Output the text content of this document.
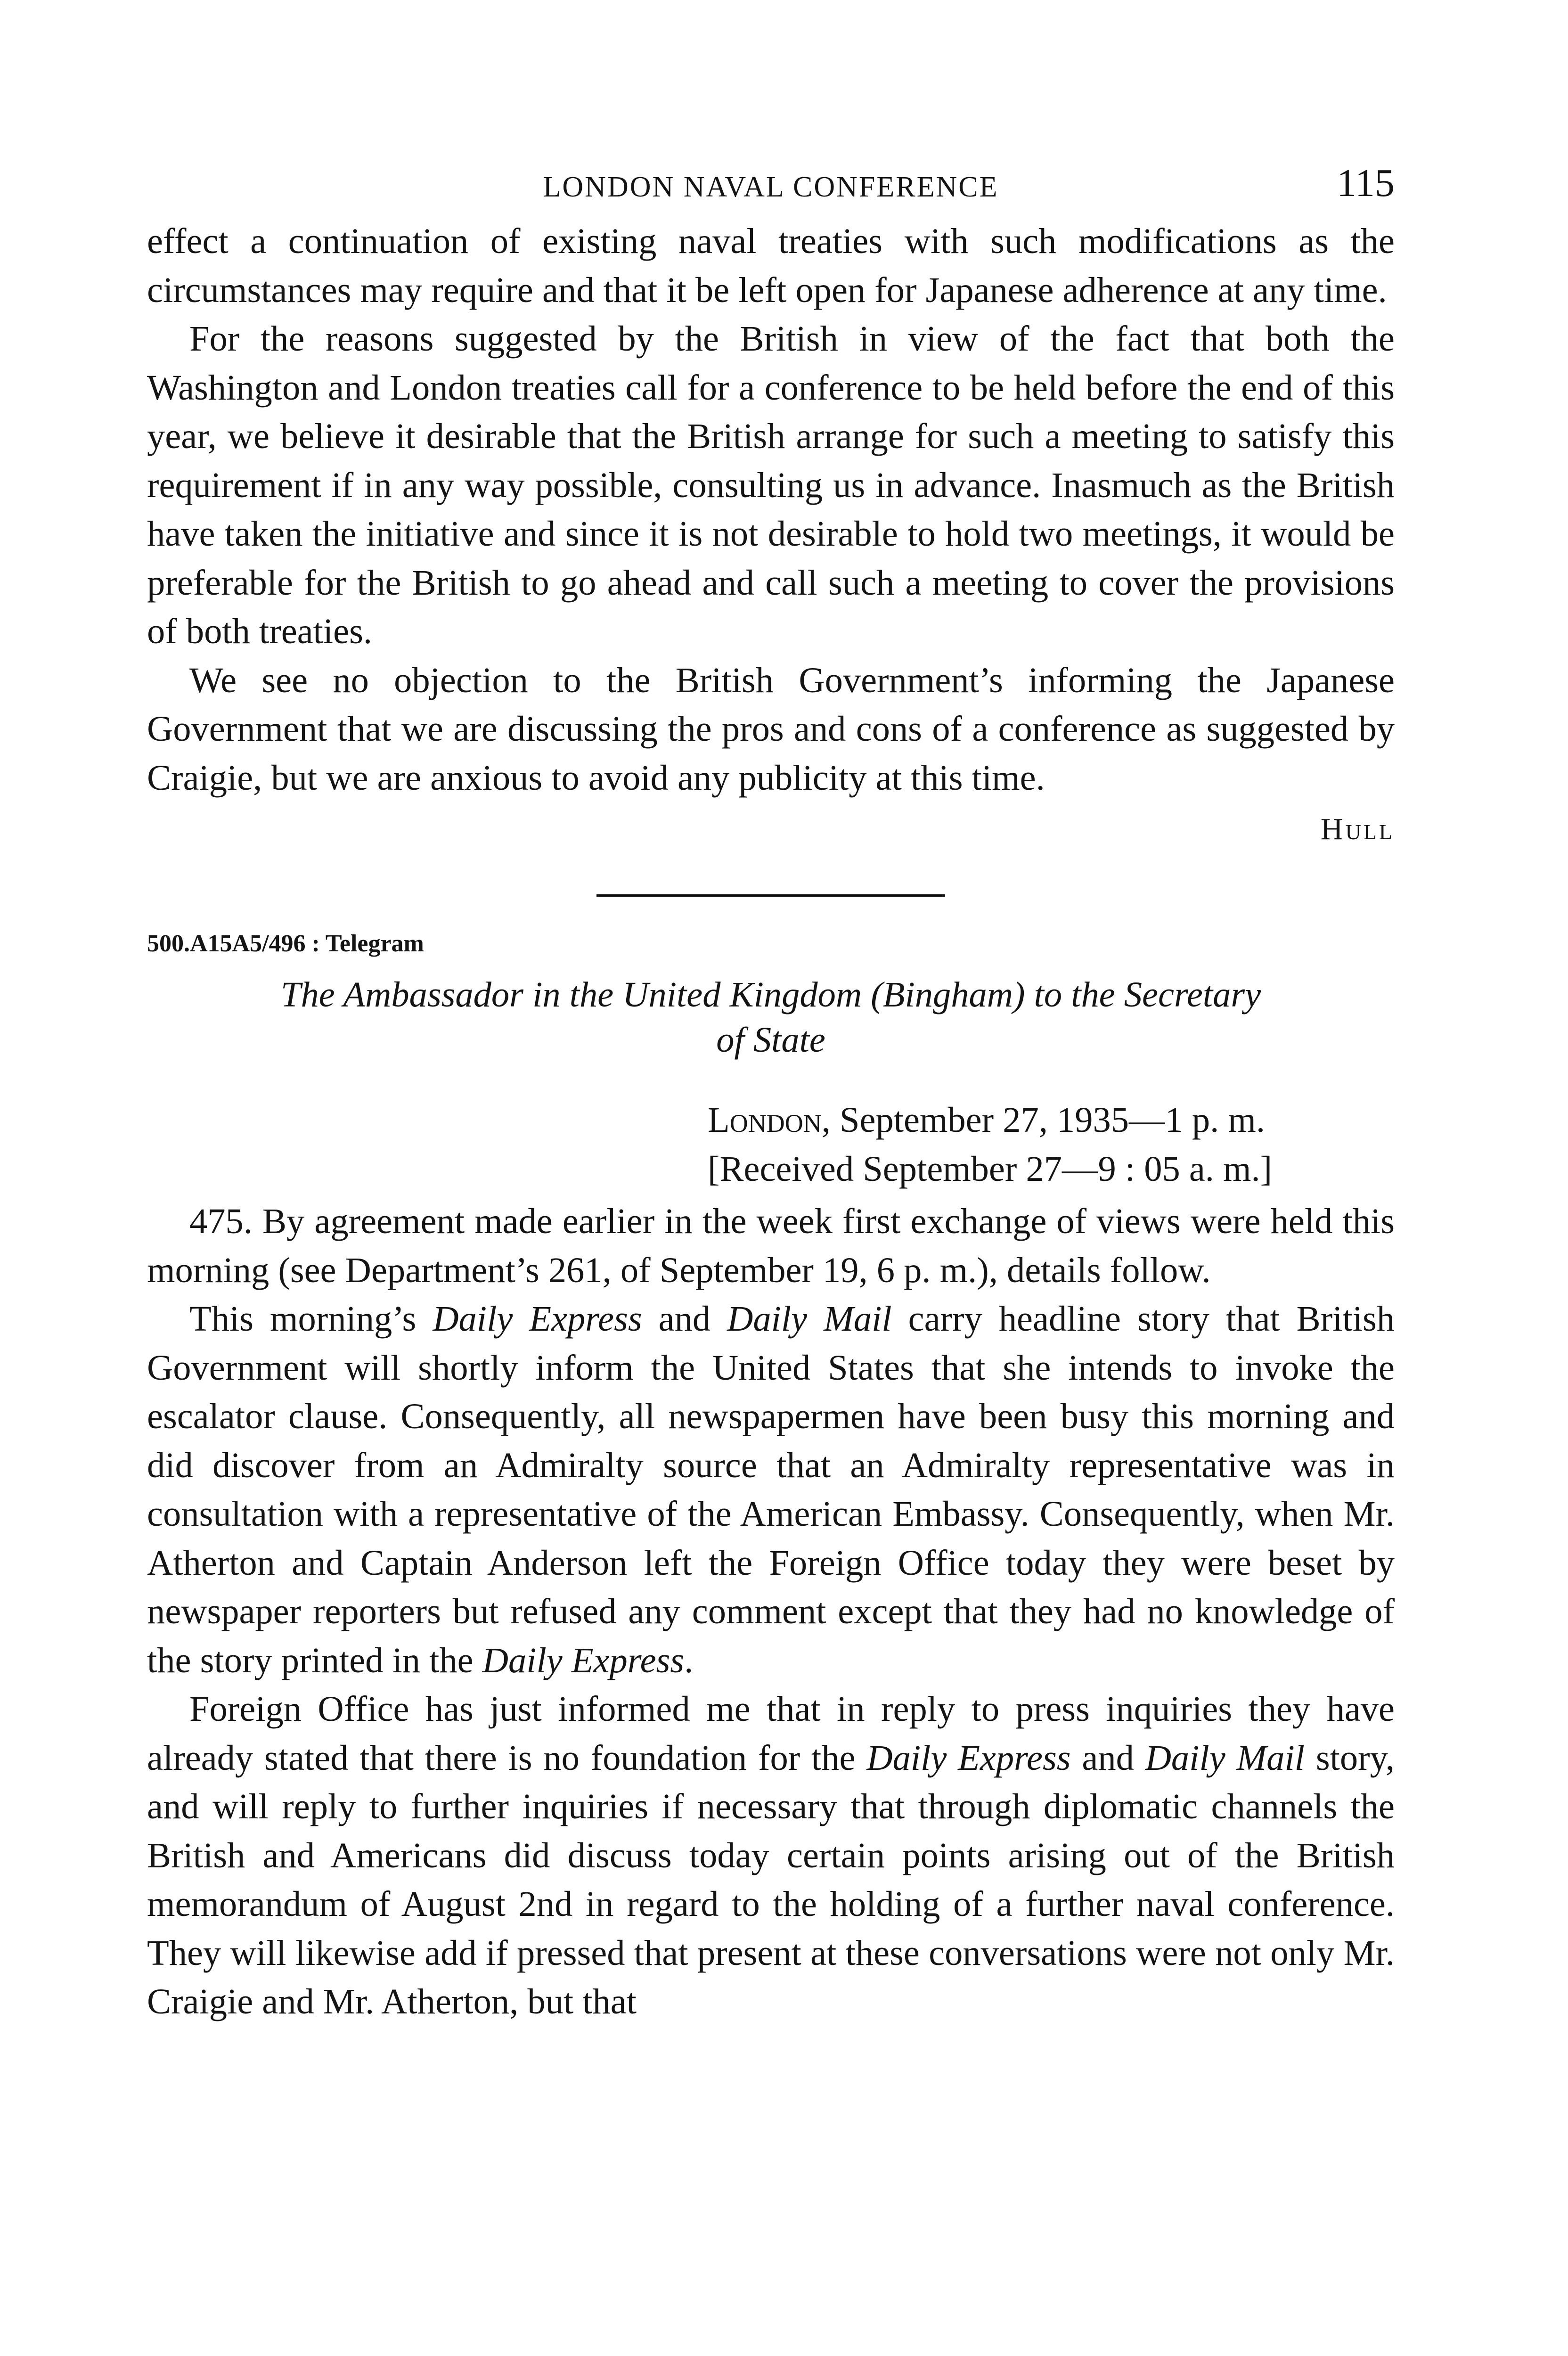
LONDON NAVAL CONFERENCE	115

effect a continuation of existing naval treaties with such modifications as the circumstances may require and that it be left open for Japanese adherence at any time.

For the reasons suggested by the British in view of the fact that both the Washington and London treaties call for a conference to be held before the end of this year, we believe it desirable that the British arrange for such a meeting to satisfy this requirement if in any way possible, consulting us in advance. Inasmuch as the British have taken the initiative and since it is not desirable to hold two meetings, it would be preferable for the British to go ahead and call such a meeting to cover the provisions of both treaties.

We see no objection to the British Government’s informing the Japanese Government that we are discussing the pros and cons of a conference as suggested by Craigie, but we are anxious to avoid any publicity at this time.

Hull
500.A15A5/496 : Telegram
The Ambassador in the United Kingdom (Bingham) to the Secretary
of State
London, September 27, 1935—1 p. m.
[Received September 27—9 : 05 a. m.]

475. By agreement made earlier in the week first exchange of views were held this morning (see Department’s 261, of September 19, 6 p. m.), details follow.

This morning’s Daily Express and Daily Mail carry headline story that British Government will shortly inform the United States that she intends to invoke the escalator clause. Consequently, all newspapermen have been busy this morning and did discover from an Admiralty source that an Admiralty representative was in consultation with a representative of the American Embassy. Consequently, when Mr. Atherton and Captain Anderson left the Foreign Office today they were beset by newspaper reporters but refused any comment except that they had no knowledge of the story printed in the Daily Express.

Foreign Office has just informed me that in reply to press inquiries they have already stated that there is no foundation for the Daily Express and Daily Mail story, and will reply to further inquiries if necessary that through diplomatic channels the British and Americans did discuss today certain points arising out of the British memorandum of August 2nd in regard to the holding of a further naval conference. They will likewise add if pressed that present at these conversations were not only Mr. Craigie and Mr. Atherton, but that
